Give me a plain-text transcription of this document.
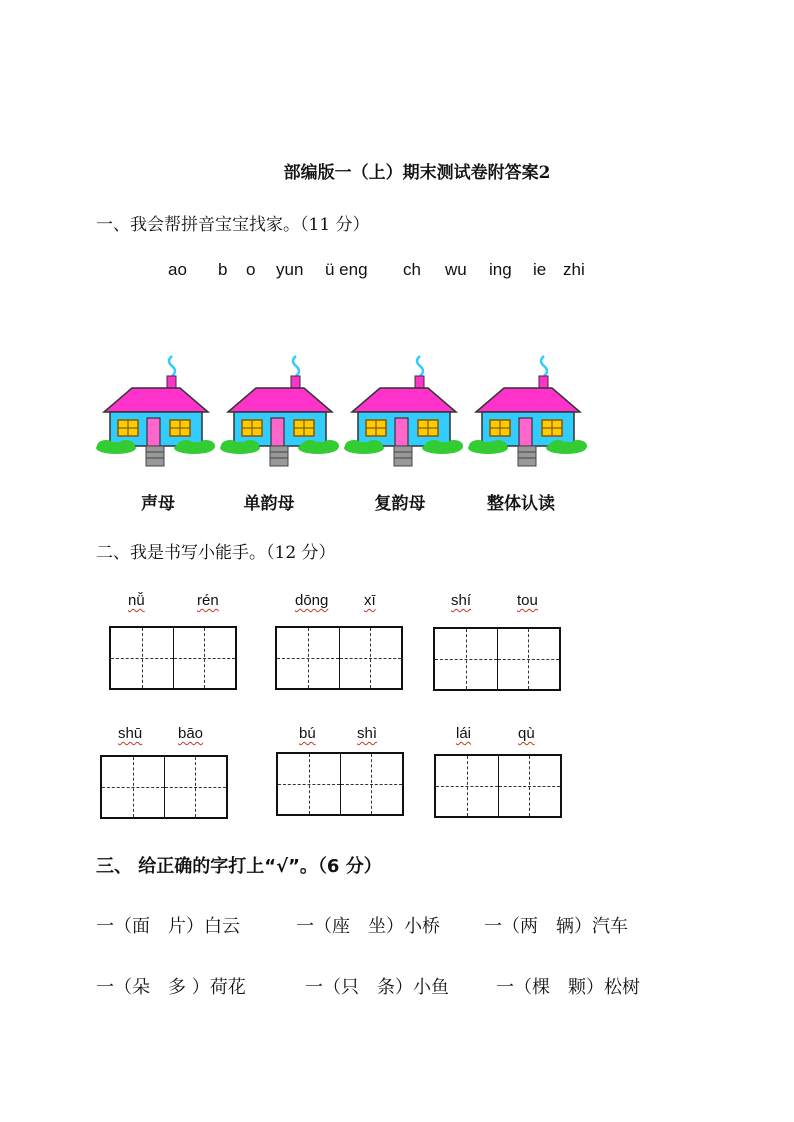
部编版一（上）期末测试卷附答案2
一、我会帮拼音宝宝找家。（11 分）
ao b o yun ü eng ch wu ing ie zhi
声母	单韵母	复韵母	整体认读
二、我是书写小能手。（12 分）
nǚ	rén	dōng xī	shí	tou
shū bāo	bú	shì	lái	qù
三、 给正确的字打上“√”。（6 分）
一（面　片）白云	一（座　坐）小桥 一（两　辆）汽车
一（朵　多 ）荷花	一（只　条）小鱼	一（棵　颗）松树
